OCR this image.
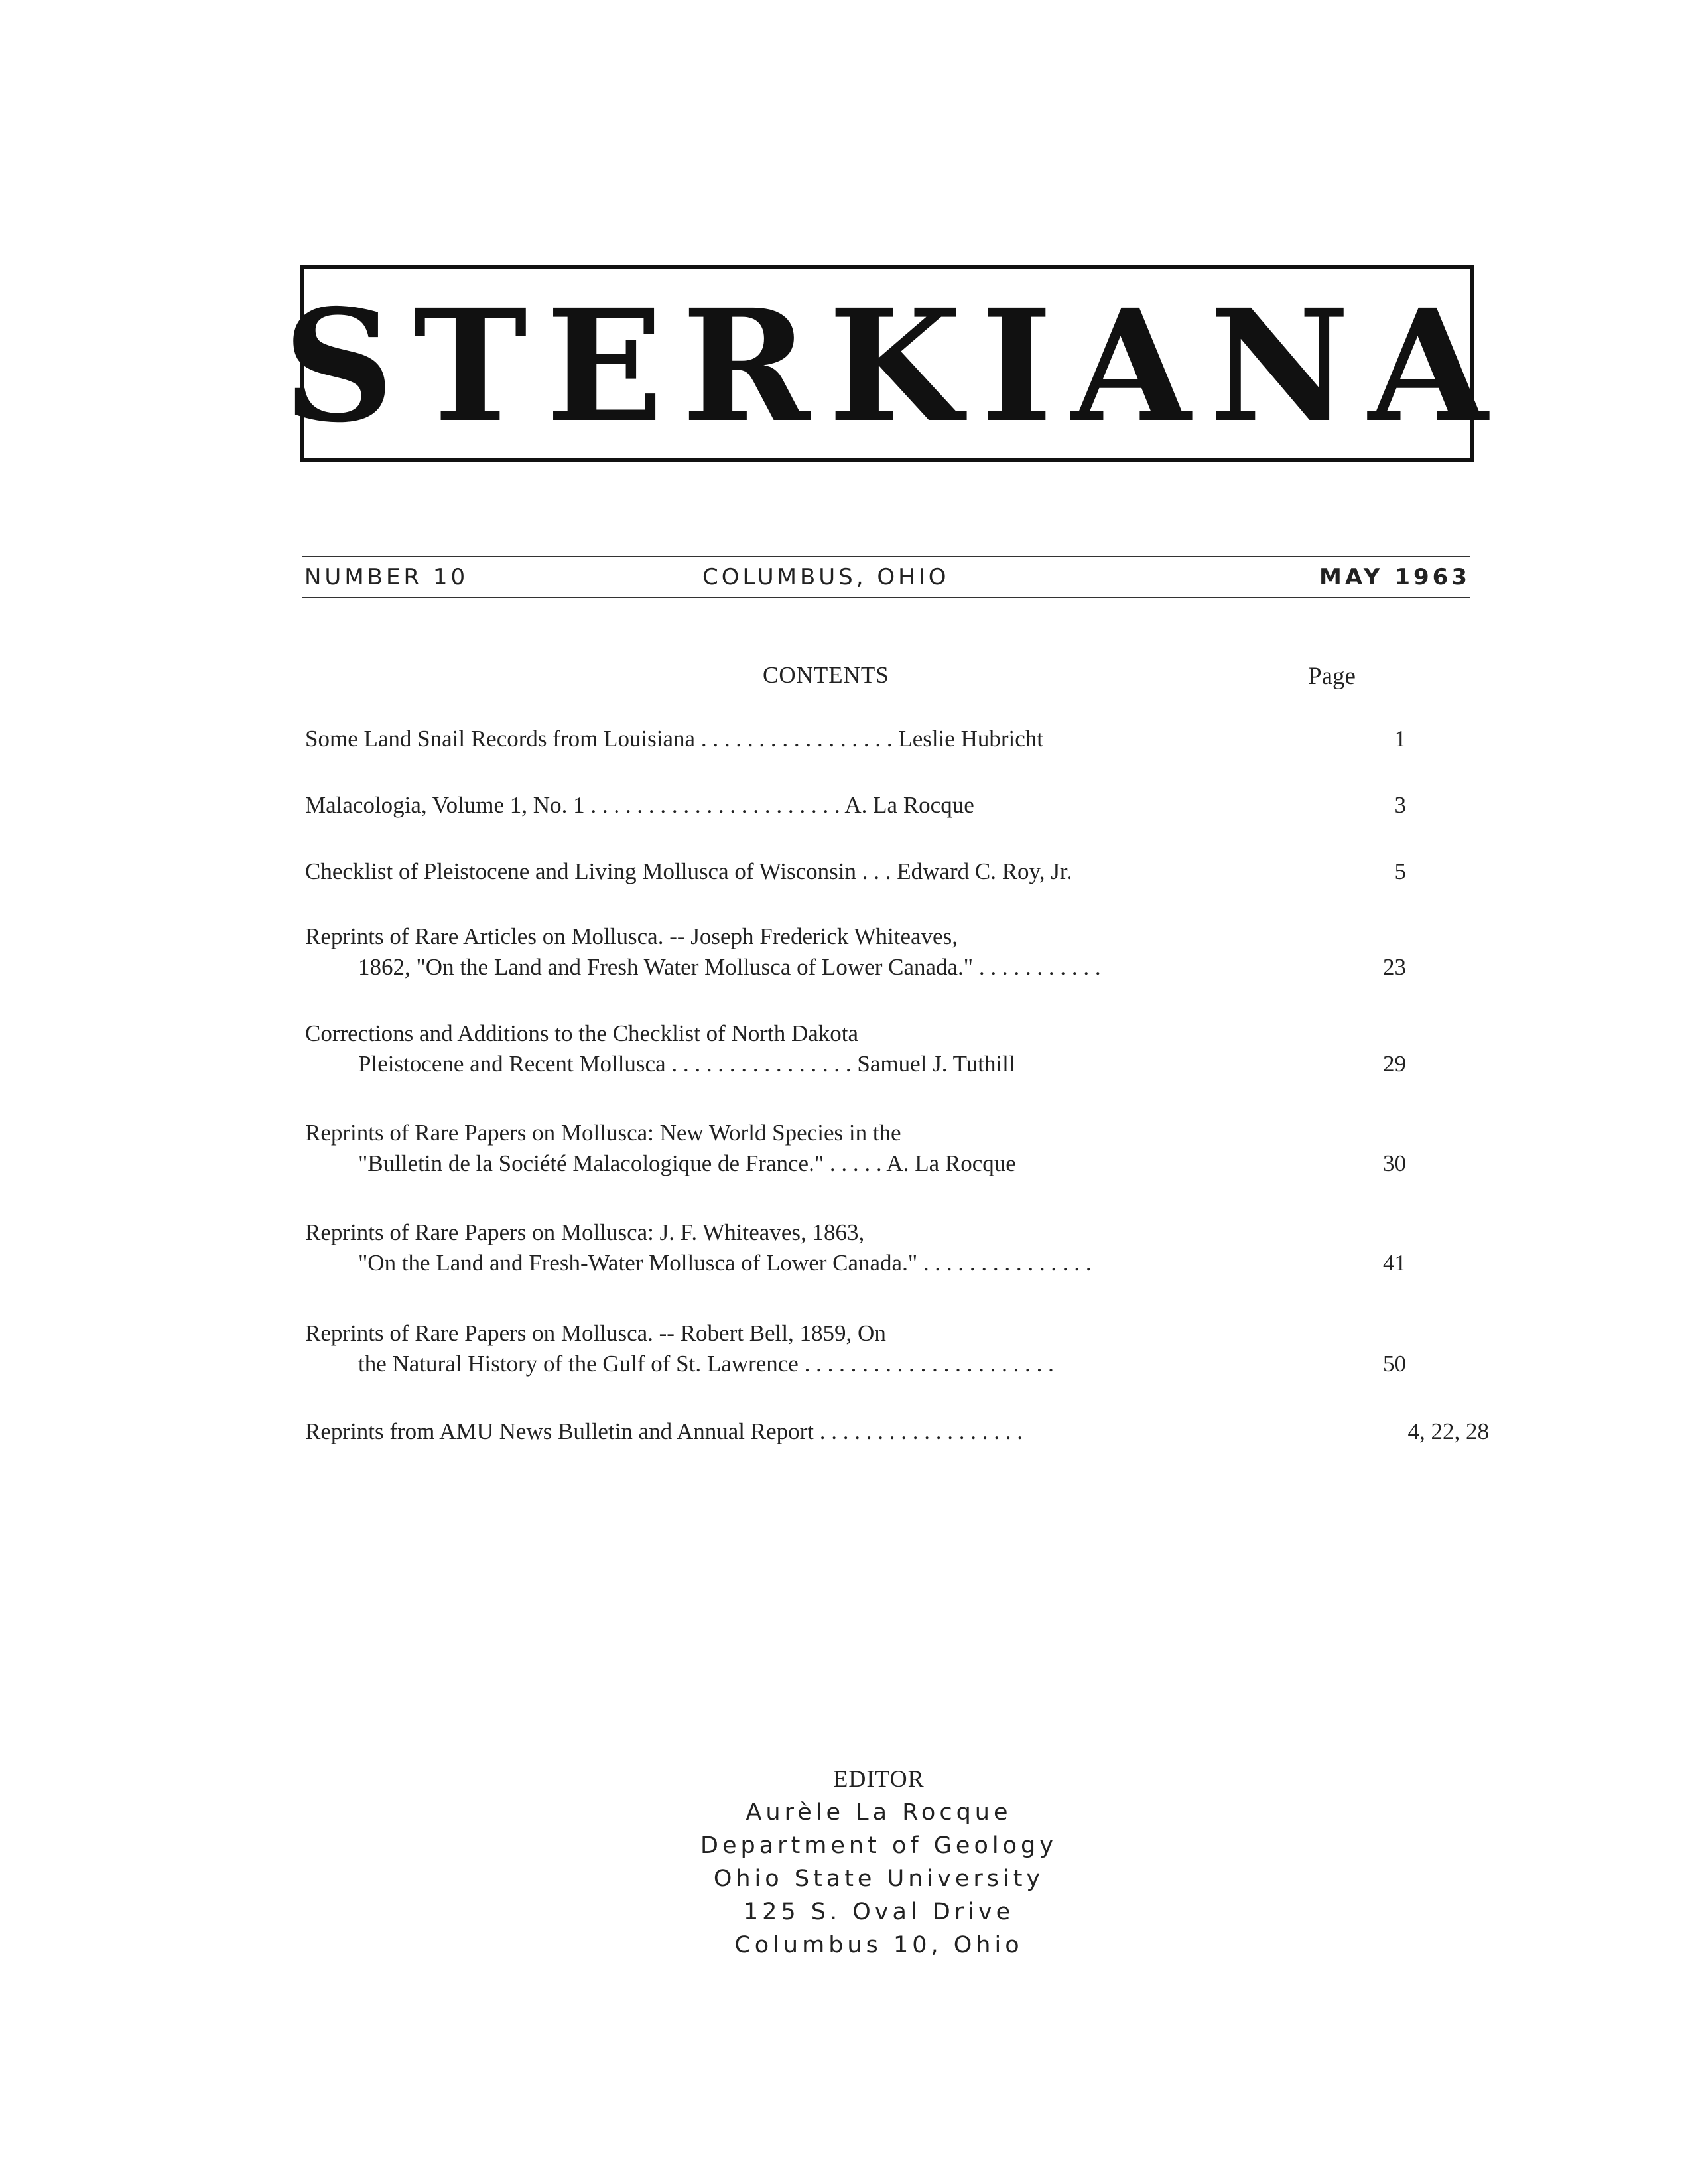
STERKIANA
NUMBER 10	COLUMBUS, OHIO	MAY 1963
CONTENTS	Page
Some Land Snail Records from Louisiana . . . . . . . . . . . . . . . . . Leslie Hubricht	1
Malacologia, Volume 1, No. 1 . . . . . . . . . . . . . . . . . . . . . . A. La Rocque	3
Checklist of Pleistocene and Living Mollusca of Wisconsin . . . Edward C. Roy, Jr.	5
Reprints of Rare Articles on Mollusca. -- Joseph Frederick Whiteaves,
1862, "On the Land and Fresh Water Mollusca of Lower Canada." . . . . . . . . . . .	23
Corrections and Additions to the Checklist of North Dakota
Pleistocene and Recent Mollusca . . . . . . . . . . . . . . . . Samuel J. Tuthill	29
Reprints of Rare Papers on Mollusca: New World Species in the
"Bulletin de la Société Malacologique de France." . . . . . A. La Rocque	30
Reprints of Rare Papers on Mollusca: J. F. Whiteaves, 1863,
"On the Land and Fresh-Water Mollusca of Lower Canada." . . . . . . . . . . . . . . .	41
Reprints of Rare Papers on Mollusca. -- Robert Bell, 1859, On
the Natural History of the Gulf of St. Lawrence . . . . . . . . . . . . . . . . . . . . . .	50
Reprints from AMU News Bulletin and Annual Report . . . . . . . . . . . . . . . . . .	4, 22, 28
EDITOR
Aurèle La Rocque
Department of Geology
Ohio State University
125 S. Oval Drive
Columbus 10, Ohio
